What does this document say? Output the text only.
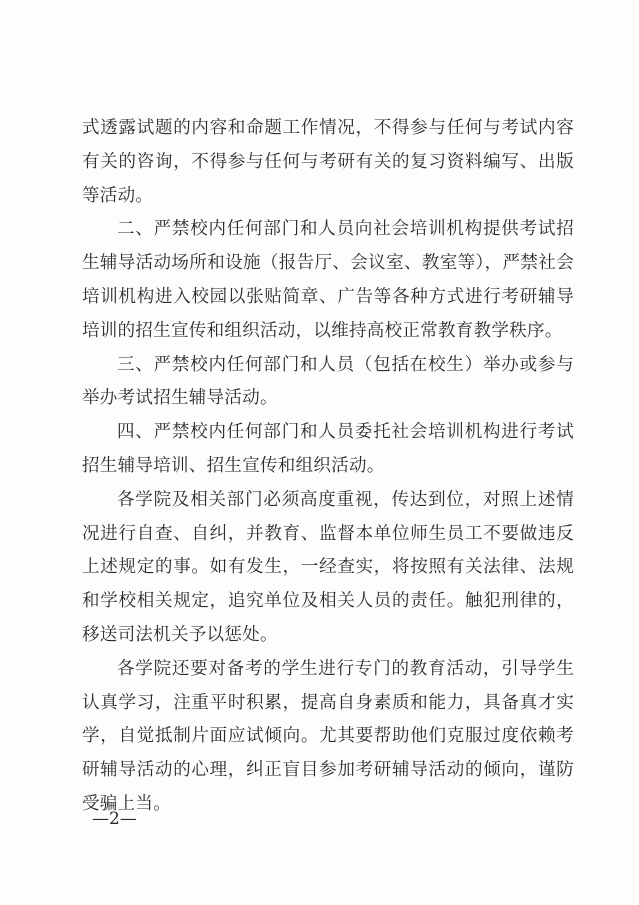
式透露试题的内容和命题工作情况，不得参与任何与考试内容有关的咨询，不得参与任何与考研有关的复习资料编写、出版等活动。

二、严禁校内任何部门和人员向社会培训机构提供考试招生辅导活动场所和设施（报告厅、会议室、教室等），严禁社会培训机构进入校园以张贴简章、广告等各种方式进行考研辅导培训的招生宣传和组织活动，以维持高校正常教育教学秩序。

三、严禁校内任何部门和人员（包括在校生）举办或参与举办考试招生辅导活动。

四、严禁校内任何部门和人员委托社会培训机构进行考试招生辅导培训、招生宣传和组织活动。

各学院及相关部门必须高度重视，传达到位，对照上述情况进行自查、自纠，并教育、监督本单位师生员工不要做违反上述规定的事。如有发生，一经查实，将按照有关法律、法规和学校相关规定，追究单位及相关人员的责任。触犯刑律的，移送司法机关予以惩处。

各学院还要对备考的学生进行专门的教育活动，引导学生认真学习，注重平时积累，提高自身素质和能力，具备真才实学，自觉抵制片面应试倾向。尤其要帮助他们克服过度依赖考研辅导活动的心理，纠正盲目参加考研辅导活动的倾向，谨防受骗上当。

—2—
